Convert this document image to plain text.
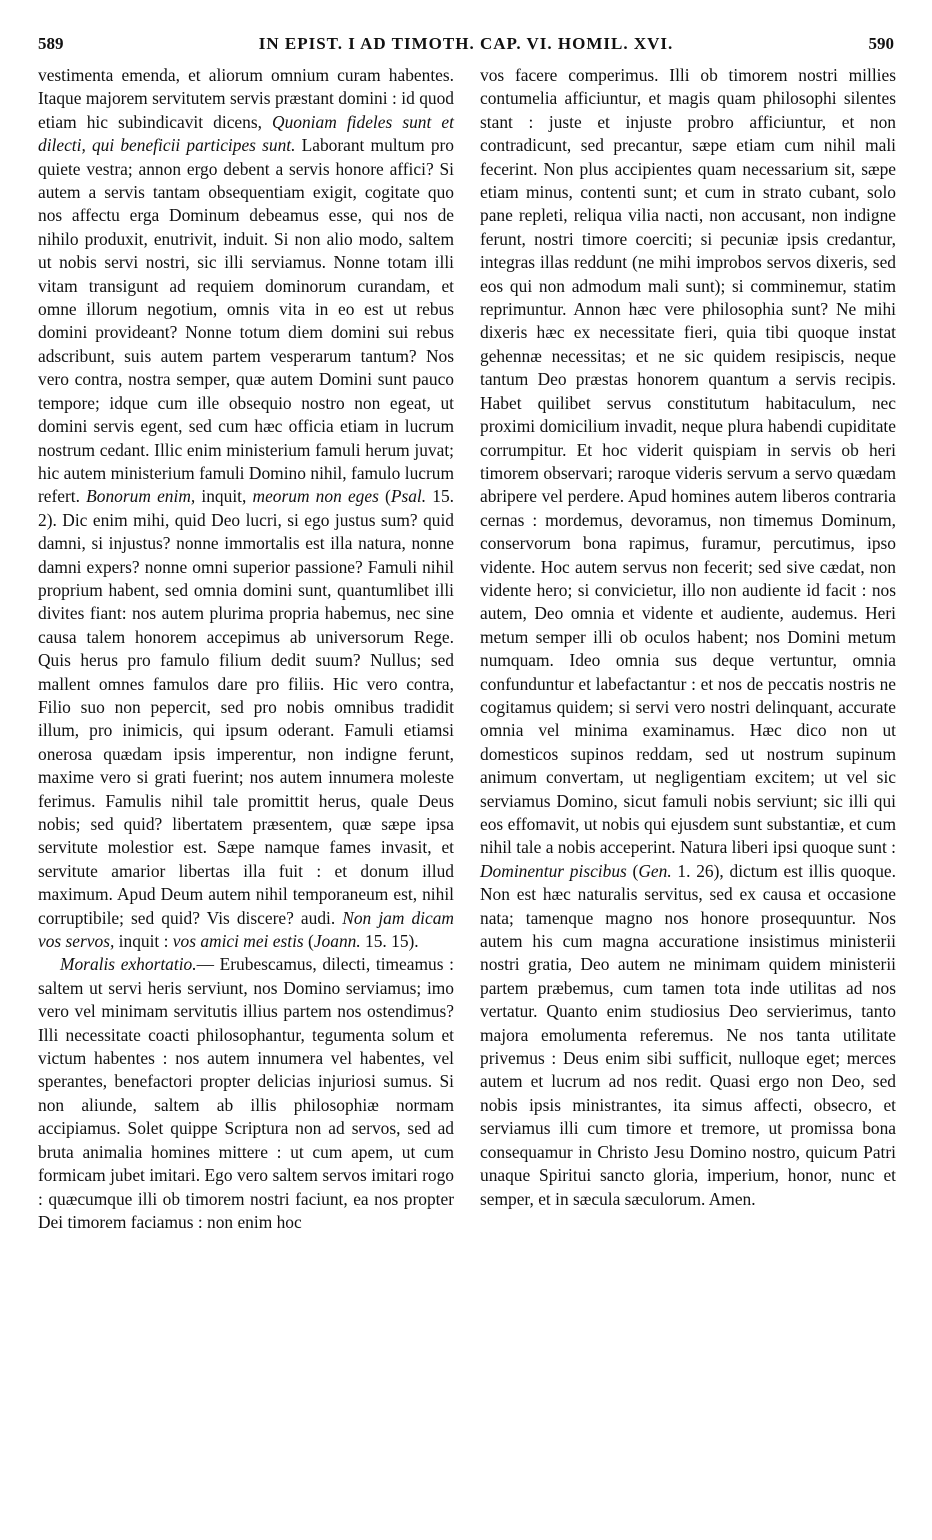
589	IN EPIST. I AD TIMOTH. CAP. VI. HOMIL. XVI.	590

vestimenta emenda, et aliorum omnium curam habentes. Itaque majorem servitutem servis præstant domini : id quod etiam hic subindicavit dicens, Quoniam fideles sunt et dilecti, qui beneficii participes sunt. Laborant multum pro quiete vestra; annon ergo debent a servis honore affici? Si autem a servis tantam obsequentiam exigit, cogitate quo nos affectu erga Dominum debeamus esse, qui nos de nihilo produxit, enutrivit, induit. Si non alio modo, saltem ut nobis servi nostri, sic illi serviamus. Nonne totam illi vitam transigunt ad requiem dominorum curandam, et omne illorum negotium, omnis vita in eo est ut rebus domini provideant? Nonne totum diem domini sui rebus adscribunt, suis autem partem vesperarum tantum? Nos vero contra, nostra semper, quæ autem Domini sunt pauco tempore; idque cum ille obsequio nostro non egeat, ut domini servis egent, sed cum hæc officia etiam in lucrum nostrum cedant. Illic enim ministerium famuli herum juvat; hic autem ministerium famuli Domino nihil, famulo lucrum refert. Bonorum enim, inquit, meorum non eges (Psal. 15. 2). Dic enim mihi, quid Deo lucri, si ego justus sum? quid damni, si injustus? nonne immortalis est illa natura, nonne damni expers? nonne omni superior passione? Famuli nihil proprium habent, sed omnia domini sunt, quantumlibet illi divites fiant: nos autem plurima propria habemus, nec sine causa talem honorem accepimus ab universorum Rege. Quis herus pro famulo filium dedit suum? Nullus; sed mallent omnes famulos dare pro filiis. Hic vero contra, Filio suo non pepercit, sed pro nobis omnibus tradidit illum, pro inimicis, qui ipsum oderant. Famuli etiamsi onerosa quædam ipsis imperentur, non indigne ferunt, maxime vero si grati fuerint; nos autem innumera moleste ferimus. Famulis nihil tale promittit herus, quale Deus nobis; sed quid? libertatem præsentem, quæ sæpe ipsa servitute molestior est. Sæpe namque fames invasit, et servitute amarior libertas illa fuit : et donum illud maximum. Apud Deum autem nihil temporaneum est, nihil corruptibile; sed quid? Vis discere? audi. Non jam dicam vos servos, inquit : vos amici mei estis (Joann. 15. 15).

Moralis exhortatio.— Erubescamus, dilecti, timeamus : saltem ut servi heris serviunt, nos Domino serviamus; imo vero vel minimam servitutis illius partem nos ostendimus? Illi necessitate coacti philosophantur, tegumenta solum et victum habentes : nos autem innumera vel habentes, vel sperantes, benefactori propter delicias injuriosi sumus. Si non aliunde, saltem ab illis philosophiæ normam accipiamus. Solet quippe Scriptura non ad servos, sed ad bruta animalia homines mittere : ut cum apem, ut cum formicam jubet imitari. Ego vero saltem servos imitari rogo : quæcumque illi ob timorem nostri faciunt, ea nos propter Dei timorem faciamus : non enim hoc

vos facere comperimus. Illi ob timorem nostri millies contumelia afficiuntur, et magis quam philosophi silentes stant : juste et injuste probro afficiuntur, et non contradicunt, sed precantur, sæpe etiam cum nihil mali fecerint. Non plus accipientes quam necessarium sit, sæpe etiam minus, contenti sunt; et cum in strato cubant, solo pane repleti, reliqua vilia nacti, non accusant, non indigne ferunt, nostri timore coerciti; si pecuniæ ipsis credantur, integras illas reddunt (ne mihi improbos servos dixeris, sed eos qui non admodum mali sunt); si comminemur, statim reprimuntur. Annon hæc vere philosophia sunt? Ne mihi dixeris hæc ex necessitate fieri, quia tibi quoque instat gehennæ necessitas; et ne sic quidem resipiscis, neque tantum Deo præstas honorem quantum a servis recipis. Habet quilibet servus constitutum habitaculum, nec proximi domicilium invadit, neque plura habendi cupiditate corrumpitur. Et hoc viderit quispiam in servis ob heri timorem observari; raroque videris servum a servo quædam abripere vel perdere. Apud homines autem liberos contraria cernas : mordemus, devoramus, non timemus Dominum, conservorum bona rapimus, furamur, percutimus, ipso vidente. Hoc autem servus non fecerit; sed sive cædat, non vidente hero; si convicietur, illo non audiente id facit : nos autem, Deo omnia et vidente et audiente, audemus. Heri metum semper illi ob oculos habent; nos Domini metum numquam. Ideo omnia sus deque vertuntur, omnia confunduntur et labefactantur : et nos de peccatis nostris ne cogitamus quidem; si servi vero nostri delinquant, accurate omnia vel minima examinamus. Hæc dico non ut domesticos supinos reddam, sed ut nostrum supinum animum convertam, ut negligentiam excitem; ut vel sic serviamus Domino, sicut famuli nobis serviunt; sic illi qui eos effomavit, ut nobis qui ejusdem sunt substantiæ, et cum nihil tale a nobis acceperint. Natura liberi ipsi quoque sunt : Dominentur piscibus (Gen. 1. 26), dictum est illis quoque. Non est hæc naturalis servitus, sed ex causa et occasione nata; tamenque magno nos honore prosequuntur. Nos autem his cum magna accuratione insistimus ministerii nostri gratia, Deo autem ne minimam quidem ministerii partem præbemus, cum tamen tota inde utilitas ad nos vertatur. Quanto enim studiosius Deo servierimus, tanto majora emolumenta referemus. Ne nos tanta utilitate privemus : Deus enim sibi sufficit, nulloque eget; merces autem et lucrum ad nos redit. Quasi ergo non Deo, sed nobis ipsis ministrantes, ita simus affecti, obsecro, et serviamus illi cum timore et tremore, ut promissa bona consequamur in Christo Jesu Domino nostro, quicum Patri unaque Spiritui sancto gloria, imperium, honor, nunc et semper, et in sæcula sæculorum. Amen.
